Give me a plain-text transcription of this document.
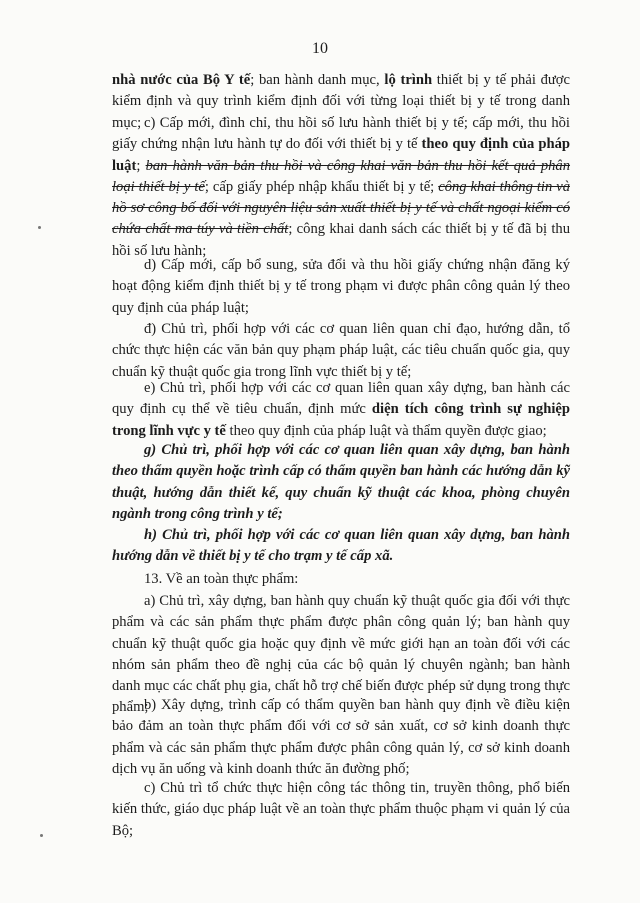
10
nhà nước của Bộ Y tế; ban hành danh mục, lộ trình thiết bị y tế phải được kiểm định và quy trình kiểm định đối với từng loại thiết bị y tế trong danh mục; c) Cấp mới, đình chỉ, thu hồi số lưu hành thiết bị y tế; cấp mới, thu hồi giấy chứng nhận lưu hành tự do đối với thiết bị y tế theo quy định của pháp luật; ban hành văn bản thu hồi và công khai văn bản thu hồi kết quả phân loại thiết bị y tế; cấp giấy phép nhập khẩu thiết bị y tế; công khai thông tin và hồ sơ công bố đối với nguyên liệu sản xuất thiết bị y tế và chất ngoại kiểm có chứa chất ma túy và tiền chất; công khai danh sách các thiết bị y tế đã bị thu hồi số lưu hành;
d) Cấp mới, cấp bổ sung, sửa đổi và thu hồi giấy chứng nhận đăng ký hoạt động kiểm định thiết bị y tế trong phạm vi được phân công quản lý theo quy định của pháp luật;
đ) Chủ trì, phối hợp với các cơ quan liên quan chỉ đạo, hướng dẫn, tổ chức thực hiện các văn bản quy phạm pháp luật, các tiêu chuẩn quốc gia, quy chuẩn kỹ thuật quốc gia trong lĩnh vực thiết bị y tế;
e) Chủ trì, phối hợp với các cơ quan liên quan xây dựng, ban hành các quy định cụ thể về tiêu chuẩn, định mức diện tích công trình sự nghiệp trong lĩnh vực y tế theo quy định của pháp luật và thẩm quyền được giao;
g) Chủ trì, phối hợp với các cơ quan liên quan xây dựng, ban hành theo thẩm quyền hoặc trình cấp có thẩm quyền ban hành các hướng dẫn kỹ thuật, hướng dẫn thiết kế, quy chuẩn kỹ thuật các khoa, phòng chuyên ngành trong công trình y tế;
h) Chủ trì, phối hợp với các cơ quan liên quan xây dựng, ban hành hướng dẫn về thiết bị y tế cho trạm y tế cấp xã.
13. Về an toàn thực phẩm:
a) Chủ trì, xây dựng, ban hành quy chuẩn kỹ thuật quốc gia đối với thực phẩm và các sản phẩm thực phẩm được phân công quản lý; ban hành quy chuẩn kỹ thuật quốc gia hoặc quy định về mức giới hạn an toàn đối với các nhóm sản phẩm theo đề nghị của các bộ quản lý chuyên ngành; ban hành danh mục các chất phụ gia, chất hỗ trợ chế biến được phép sử dụng trong thực phẩm;
b) Xây dựng, trình cấp có thẩm quyền ban hành quy định về điều kiện bảo đảm an toàn thực phẩm đối với cơ sở sản xuất, cơ sở kinh doanh thực phẩm và các sản phẩm thực phẩm được phân công quản lý, cơ sở kinh doanh dịch vụ ăn uống và kinh doanh thức ăn đường phố;
c) Chủ trì tổ chức thực hiện công tác thông tin, truyền thông, phổ biến kiến thức, giáo dục pháp luật về an toàn thực phẩm thuộc phạm vi quản lý của Bộ;
